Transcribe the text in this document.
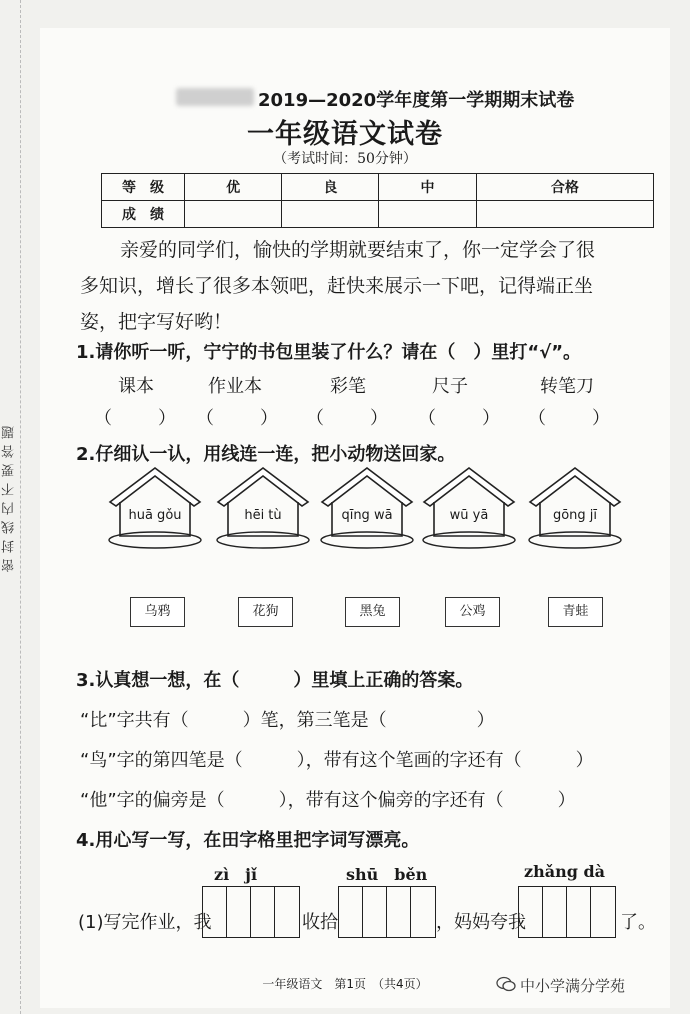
密封线内不要答题
2019—2020学年度第一学期期末试卷
一年级语文试卷
（考试时间：50分钟）
等　级	优	良	中	合格
成　绩				
亲爱的同学们，愉快的学期就要结束了，你一定学会了很
多知识，增长了很多本领吧，赶快来展示一下吧，记得端正坐
姿，把字写好哟！
1.请你听一听，宁宁的书包里装了什么？请在（　）里打“√”。
课本	作业本	彩笔	尺子	转笔刀
（　） （　） （　） （　） （　）
2.仔细认一认，用线连一连，把小动物送回家。
huā gǒu	hēi tù	qīng wā	wū yā	gōng jī
乌鸦	花狗	黑兔	公鸡	青蛙
3.认真想一想，在（　　　）里填上正确的答案。
“比”字共有（　　　）笔，第三笔是（　　　　　）
“鸟”字的第四笔是（　　　），带有这个笔画的字还有（　　　）
“他”字的偏旁是（　　　），带有这个偏旁的字还有（　　　）
4.用心写一写，在田字格里把字词写漂亮。
zì　jǐ	shū　běn	zhǎng dà
(1)写完作业，我	收拾	，妈妈夸我	了。
一年级语文　第1页　（共4页）	中小学满分学苑
